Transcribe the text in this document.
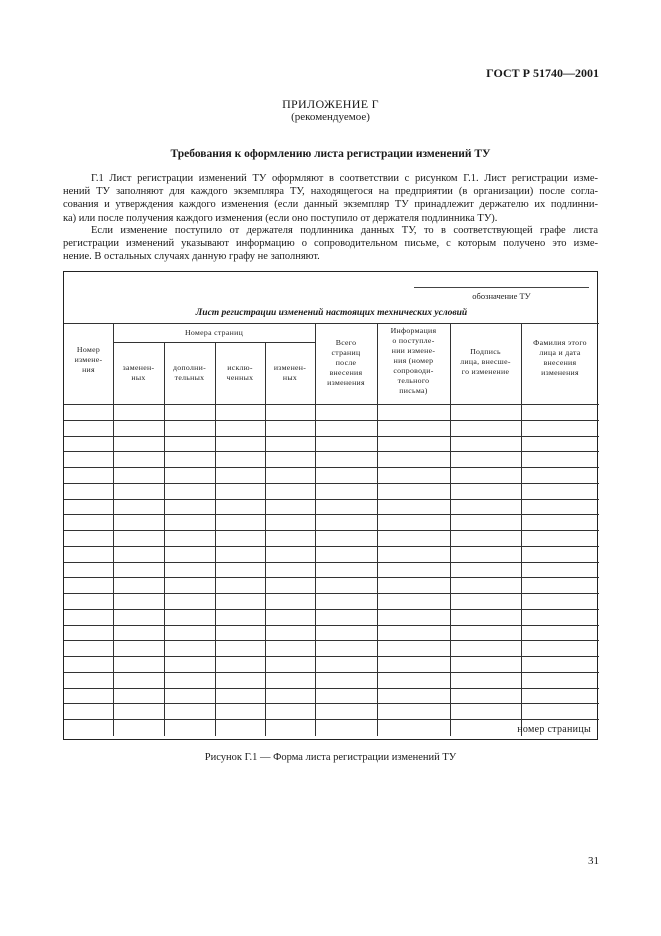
ГОСТ Р 51740—2001
ПРИЛОЖЕНИЕ Г
(рекомендуемое)
Требования к оформлению листа регистрации изменений ТУ
Г.1 Лист регистрации изменений ТУ оформляют в соответствии с рисунком Г.1. Лист регистрации изме-
нений ТУ заполняют для каждого экземпляра ТУ, находящегося на предприятии (в организации) после согла-
сования и утверждения каждого изменения (если данный экземпляр ТУ принадлежит держателю их подлинни-
ка) или после получения каждого изменения (если оно поступило от держателя подлинника ТУ).
Если изменение поступило от держателя подлинника данных ТУ, то в соответствующей графе листа
регистрации изменений указывают информацию о сопроводительном письме, с которым получено это изме-
нение. В остальных случаях данную графу не заполняют.
обозначение ТУ
Лист регистрации изменений настоящих технических условий
Номер
измене-
ния
Номера страниц
заменен-
ных
дополни-
тельных
исклю-
ченных
изменен-
ных
Всего
страниц
после
внесения
изменения
Информация
о поступле-
нии измене-
ния (номер
сопроводи-
тельного
письма)
Подпись
лица, внесше-
го изменение
Фамилия этого
лица и дата
внесения
изменения
номер страницы
Рисунок Г.1 — Форма листа регистрации изменений ТУ
31
